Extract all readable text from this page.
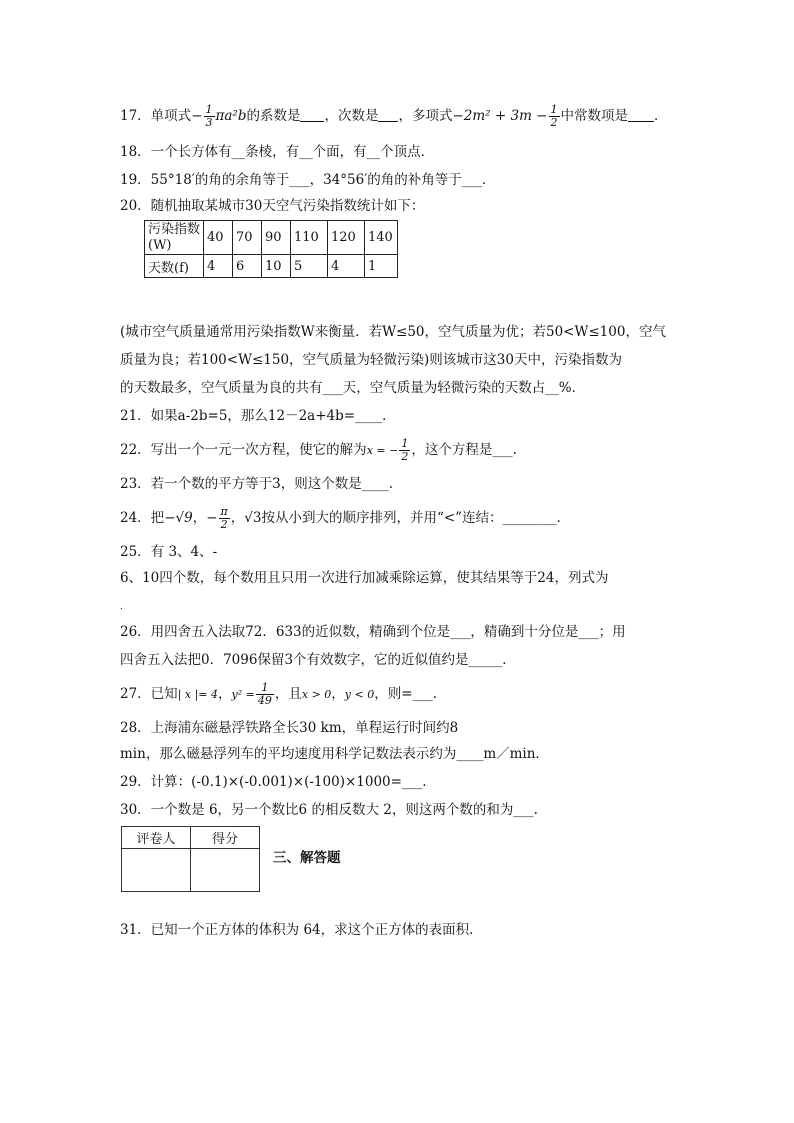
17．单项式− $\frac{1}{3} \pi a^2b$的系数是 ，次数是 ，多项式$-2m^2 + 3m - \frac{1}{2}$ 中常数项是 ．
18．一个长方体有__条棱，有__个面，有__个顶点．
19．55°18′的角的余角等于___，34°56′的角的补角等于___．
20．随机抽取某城市30天空气污染指数统计如下：
污染指数(W)	40	70	90	110	120	140
天数(f)	4	6	10	5	4	1
(城市空气质量通常用污染指数W来衡量．若W≤50，空气质量为优；若50<W≤100，空气
质量为良；若100<W≤150，空气质量为轻微污染)则该城市这30天中，污染指数为
的天数最多，空气质量为良的共有___天，空气质量为轻微污染的天数占__%．
21．如果a-2b=5，那么12－2a+4b=____．
22．写出一个一元一次方程，使它的解为x = − $\frac{1}{2}$ ，这个方程是___.
23．若一个数的平方等于3，则这个数是____.
24．把−√9，− $\frac{\pi}{2}$ ，√3按从小到大的顺序排列，并用“<”连结：________．
25．有 3、4、-
6、10四个数，每个数用且只用一次进行加减乘除运算，使其结果等于24，列式为
.
26．用四舍五入法取72．633的近似数，精确到个位是___，精确到十分位是___；用
四舍五入法把0．7096保留3个有效数字，它的近似值约是_____．
27．已知| x |= 4，$y^2 = \frac{1}{49}$ ，且x > 0，y < 0，则=___.
28．上海浦东磁悬浮铁路全长30 km，单程运行时间约8
min，那么磁悬浮列车的平均速度用科学记数法表示约为____m／min．
29．计算：(-0.1)×(-0.001)×(-100)×1000=___.
30．一个数是 6，另一个数比6 的相反数大 2，则这两个数的和为___.
评卷人	得分

三、解答题
31．已知一个正方体的体积为 64，求这个正方体的表面积.
